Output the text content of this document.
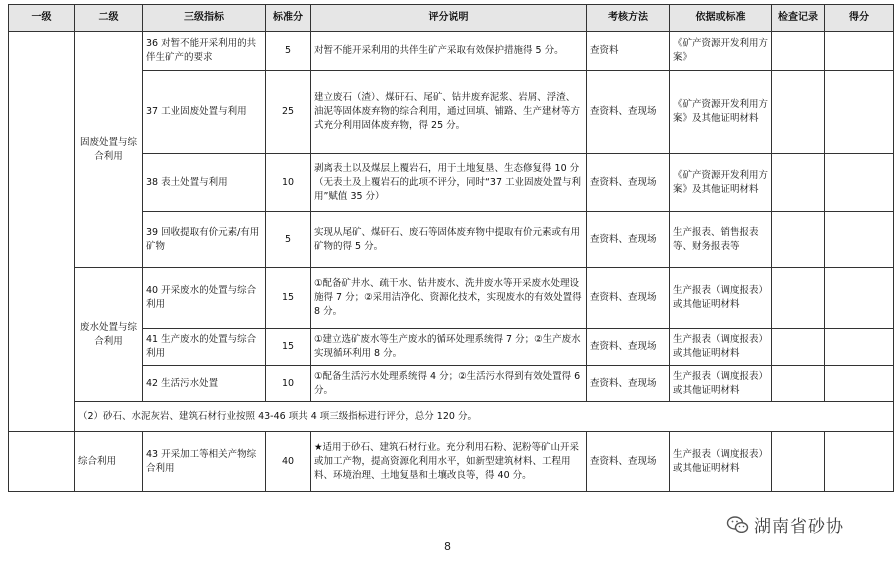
一级	二级	三级指标	标准分	评分说明	考核方法	依据或标准	检查记录	得分
	固废处置与综合利用	36 对暂不能开采利用的共伴生矿产的要求	5	对暂不能开采利用的共伴生矿产采取有效保护措施得 5 分。	查资料	《矿产资源开发利用方案》		
		37 工业固废处置与利用	25	建立废石（渣）、煤矸石、尾矿、钻井废弃泥浆、岩屑、浮渣、油泥等固体废弃物的综合利用，通过回填、铺路、生产建材等方式充分利用固体废弃物，得 25 分。	查资料、查现场	《矿产资源开发利用方案》及其他证明材料		
		38 表土处置与利用	10	剥离表土以及煤层上覆岩石，用于土地复垦、生态修复得 10 分（无表土及上覆岩石的此项不评分，同时“37 工业固废处置与利用”赋值 35 分）	查资料、查现场	《矿产资源开发利用方案》及其他证明材料		
		39 回收提取有价元素/有用矿物	5	实现从尾矿、煤矸石、废石等固体废弃物中提取有价元素或有用矿物的得 5 分。	查资料、查现场	生产报表、销售报表等、财务报表等		
	废水处置与综合利用	40 开采废水的处置与综合利用	15	①配备矿井水、疏干水、钻井废水、洗井废水等开采废水处理设施得 7 分；②采用洁净化、资源化技术，实现废水的有效处置得 8 分。	查资料、查现场	生产报表（调度报表）或其他证明材料		
		41 生产废水的处置与综合利用	15	①建立选矿废水等生产废水的循环处理系统得 7 分；②生产废水实现循环利用 8 分。	查资料、查现场	生产报表（调度报表）或其他证明材料		
		42 生活污水处置	10	①配备生活污水处理系统得 4 分；②生活污水得到有效处置得 6 分。	查资料、查现场	生产报表（调度报表）或其他证明材料		
	（2）砂石、水泥灰岩、建筑石材行业按照 43-46 项共 4 项三级指标进行评分，总分 120 分。							
	综合利用	43 开采加工等相关产物综合利用	40	★适用于砂石、建筑石材行业。充分利用石粉、泥粉等矿山开采或加工产物，提高资源化利用水平，如新型建筑材料、工程用料、环境治理、土地复垦和土壤改良等，得 40 分。	查资料、查现场	生产报表（调度报表）或其他证明材料		
湖南省砂协
8
